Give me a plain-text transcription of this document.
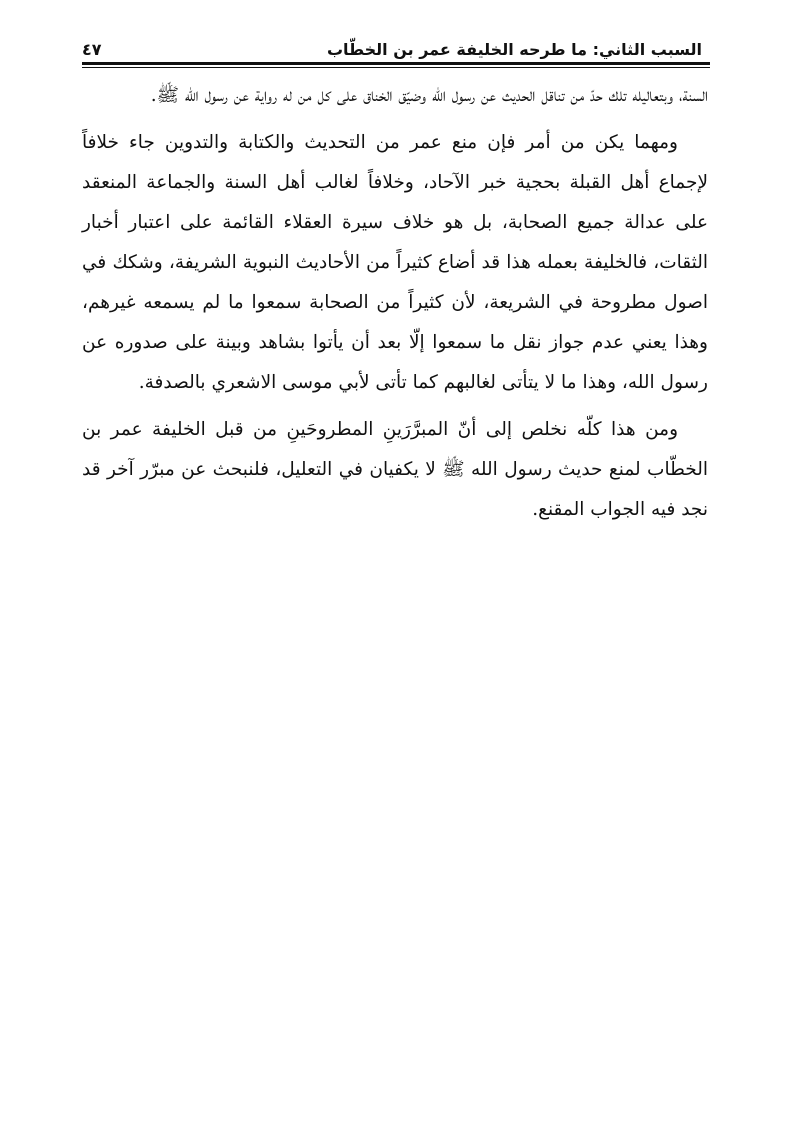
السبب الثاني: ما طرحه الخليفة عمر بن الخطّاب
٤٧

السنة، وبتعاليله تلك حدّ من تناقل الحديث عن رسول الله وضيّق الخناق على كل من له رواية عن رسول الله ﷺ.

ومهما يكن من أمر فإن منع عمر من التحديث والكتابة والتدوين جاء خلافاً لإجماع أهل القبلة بحجية خبر الآحاد، وخلافاً لغالب أهل السنة والجماعة المنعقد على عدالة جميع الصحابة، بل هو خلاف سيرة العقلاء القائمة على اعتبار أخبار الثقات، فالخليفة بعمله هذا قد أضاع كثيراً من الأحاديث النبوية الشريفة، وشكك في اصول مطروحة في الشريعة، لأن كثيراً من الصحابة سمعوا ما لم يسمعه غيرهم، وهذا يعني عدم جواز نقل ما سمعوا إلّا بعد أن يأتوا بشاهد وبينة على صدوره عن رسول الله، وهذا ما لا يتأتى لغالبهم كما تأتى لأبي موسى الاشعري بالصدفة.

ومن هذا كلّه نخلص إلى أنّ المبرَّرَينِ المطروحَينِ من قبل الخليفة عمر بن الخطّاب لمنع حديث رسول الله ﷺ لا يكفيان في التعليل، فلنبحث عن مبرّر آخر قد نجد فيه الجواب المقنع.
